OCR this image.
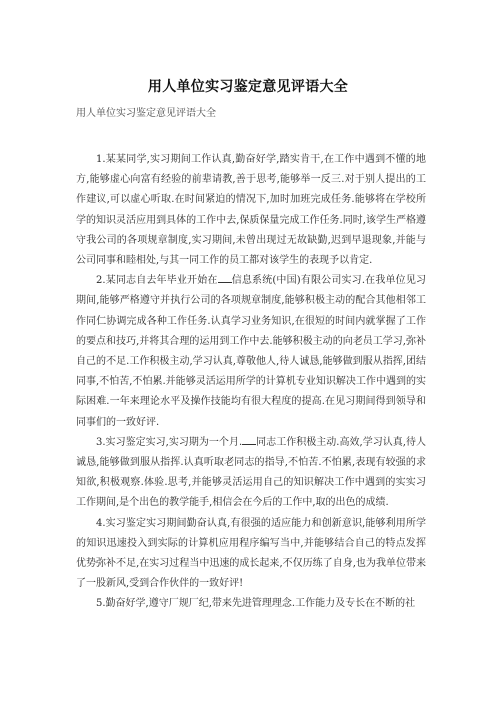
用人单位实习鉴定意见评语大全
用人单位实习鉴定意见评语大全

1.某某同学,实习期间工作认真,勤奋好学,踏实肯干,在工作中遇到不懂的地方,能够虚心向富有经验的前辈请教,善于思考,能够举一反三.对于别人提出的工作建议,可以虚心听取.在时间紧迫的情况下,加时加班完成任务.能够将在学校所学的知识灵活应用到具体的工作中去,保质保量完成工作任务.同时,该学生严格遵守我公司的各项规章制度,实习期间,未曾出现过无故缺勤,迟到早退现象,并能与公司同事和睦相处,与其一同工作的员工都对该学生的表现予以肯定.

2.某同志自去年毕业开始在 信息系统(中国)有限公司实习.在我单位见习期间,能够严格遵守并执行公司的各项规章制度,能够积极主动的配合其他相邻工作同仁协调完成各种工作任务.认真学习业务知识,在很短的时间内就掌握了工作的要点和技巧,并将其合理的运用到工作中去.能够积极主动的向老员工学习,弥补自己的不足.工作积极主动,学习认真,尊敬他人,待人诚恳,能够做到服从指挥,团结同事,不怕苦,不怕累.并能够灵活运用所学的计算机专业知识解决工作中遇到的实际困难.一年来理论水平及操作技能均有很大程度的提高.在见习期间得到领导和同事们的一致好评.

3.实习鉴定实习,实习期为一个月. 同志工作积极主动.高效,学习认真,待人诚恳,能够做到服从指挥.认真听取老同志的指导,不怕苦.不怕累,表现有较强的求知欲,积极观察.体验.思考,并能够灵活运用自己的知识解决工作中遇到的实实习工作期间,是个出色的教学能手,相信会在今后的工作中,取的出色的成绩.

4.实习鉴定实习期间勤奋认真,有很强的适应能力和创新意识,能够利用所学的知识迅速投入到实际的计算机应用程序编写当中,并能够结合自己的特点发挥优势弥补不足,在实习过程当中迅速的成长起来,不仅历练了自身,也为我单位带来了一股新风,受到合作伙伴的一致好评!

5.勤奋好学,遵守厂规厂纪,带来先进管理理念.工作能力及专长在不断的社
